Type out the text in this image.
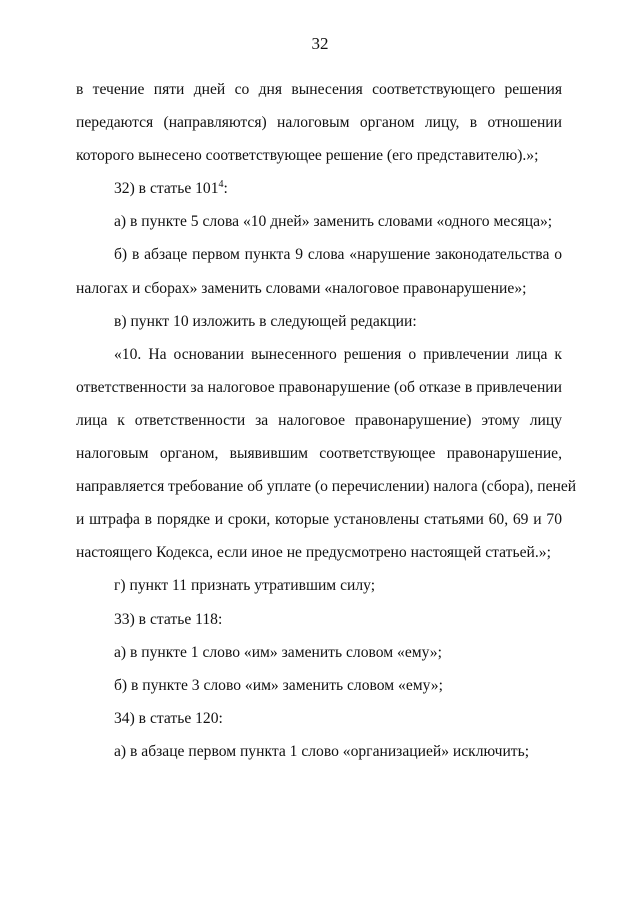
32
в течение пяти дней со дня вынесения соответствующего решения
передаются (направляются) налоговым органом лицу, в отношении
которого вынесено соответствующее решение (его представителю).»;
32) в статье $101^4$:
а) в пункте 5 слова «10 дней» заменить словами «одного месяца»;
б) в абзаце первом пункта 9 слова «нарушение законодательства о
налогах и сборах» заменить словами «налоговое правонарушение»;
в) пункт 10 изложить в следующей редакции:
«10. На основании вынесенного решения о привлечении лица к
ответственности за налоговое правонарушение (об отказе в привлечении
лица к ответственности за налоговое правонарушение) этому лицу
налоговым органом, выявившим соответствующее правонарушение,
направляется требование об уплате (о перечислении) налога (сбора), пеней
и штрафа в порядке и сроки, которые установлены статьями 60, 69 и 70
настоящего Кодекса, если иное не предусмотрено настоящей статьей.»;
г) пункт 11 признать утратившим силу;
33) в статье 118:
а) в пункте 1 слово «им» заменить словом «ему»;
б) в пункте 3 слово «им» заменить словом «ему»;
34) в статье 120:
а) в абзаце первом пункта 1 слово «организацией» исключить;
